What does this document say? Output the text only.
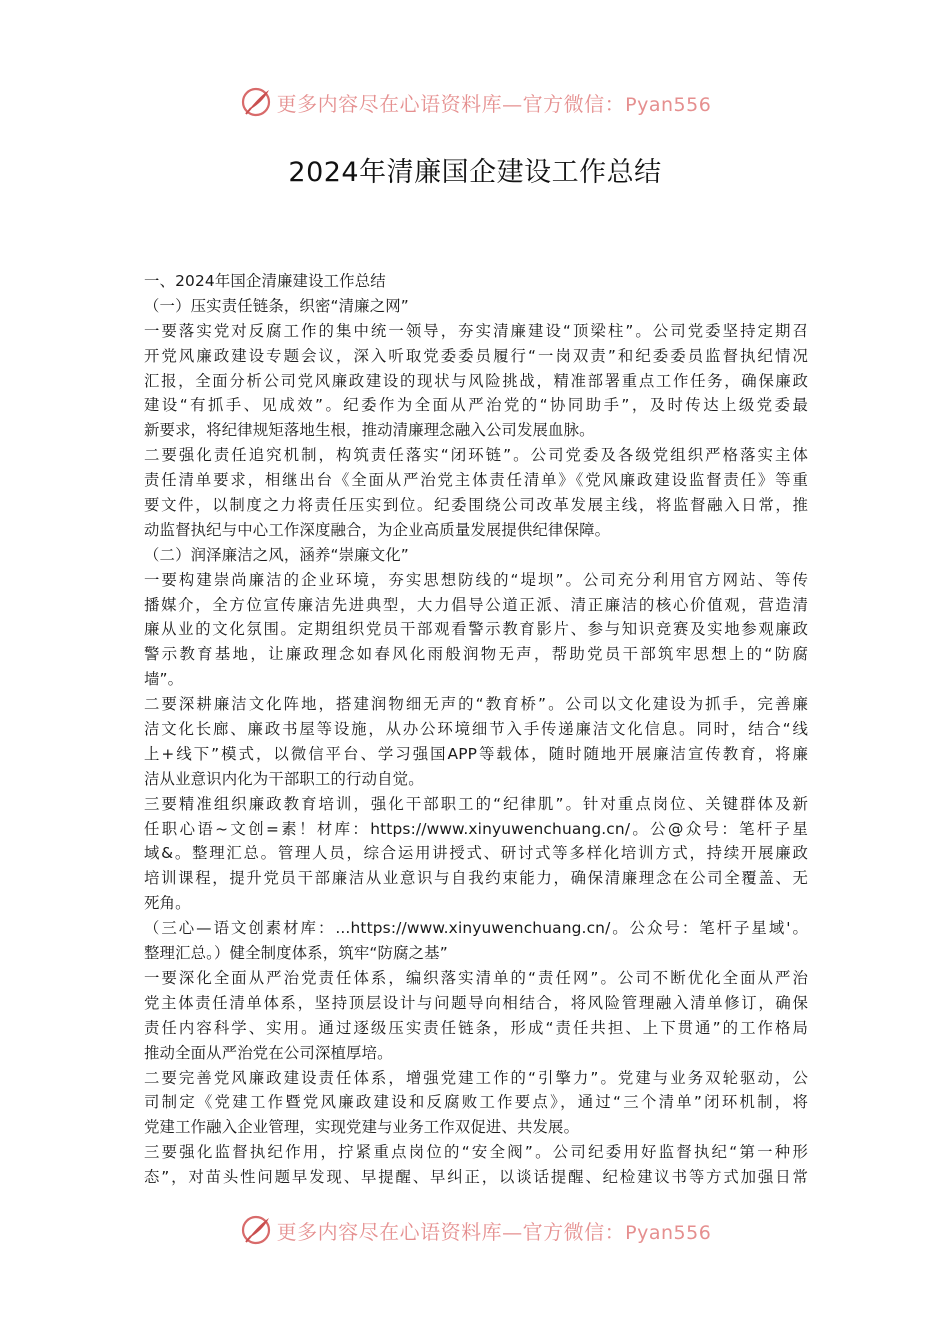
更多内容尽在心语资料库—官方微信：Pyan556
2024年清廉国企建设工作总结
一、2024年国企清廉建设工作总结
（一）压实责任链条，织密“清廉之网”
一要落实党对反腐工作的集中统一领导，夯实清廉建设“顶梁柱”。公司党委坚持定期召
开党风廉政建设专题会议，深入听取党委委员履行“一岗双责”和纪委委员监督执纪情况
汇报，全面分析公司党风廉政建设的现状与风险挑战，精准部署重点工作任务，确保廉政
建设“有抓手、见成效”。纪委作为全面从严治党的“协同助手”，及时传达上级党委最
新要求，将纪律规矩落地生根，推动清廉理念融入公司发展血脉。
二要强化责任追究机制，构筑责任落实“闭环链”。公司党委及各级党组织严格落实主体
责任清单要求，相继出台《全面从严治党主体责任清单》《党风廉政建设监督责任》等重
要文件，以制度之力将责任压实到位。纪委围绕公司改革发展主线，将监督融入日常，推
动监督执纪与中心工作深度融合，为企业高质量发展提供纪律保障。
（二）润泽廉洁之风，涵养“崇廉文化”
一要构建崇尚廉洁的企业环境，夯实思想防线的“堤坝”。公司充分利用官方网站、等传
播媒介，全方位宣传廉洁先进典型，大力倡导公道正派、清正廉洁的核心价值观，营造清
廉从业的文化氛围。定期组织党员干部观看警示教育影片、参与知识竞赛及实地参观廉政
警示教育基地，让廉政理念如春风化雨般润物无声，帮助党员干部筑牢思想上的“防腐
墙”。
二要深耕廉洁文化阵地，搭建润物细无声的“教育桥”。公司以文化建设为抓手，完善廉
洁文化长廊、廉政书屋等设施，从办公环境细节入手传递廉洁文化信息。同时，结合“线
上+线下”模式，以微信平台、学习强国APP等载体，随时随地开展廉洁宣传教育，将廉
洁从业意识内化为干部职工的行动自觉。
三要精准组织廉政教育培训，强化干部职工的“纪律肌”。针对重点岗位、关键群体及新
任职心语~文创=素！材库：https://www.xinyuwenchuang.cn/。公@众号：笔杆子星
域&。整理汇总。管理人员，综合运用讲授式、研讨式等多样化培训方式，持续开展廉政
培训课程，提升党员干部廉洁从业意识与自我约束能力，确保清廉理念在公司全覆盖、无
死角。
（三心—语文创素材库：...https://www.xinyuwenchuang.cn/。公众号：笔杆子星域'。
整理汇总。）健全制度体系，筑牢“防腐之基”
一要深化全面从严治党责任体系，编织落实清单的“责任网”。公司不断优化全面从严治
党主体责任清单体系，坚持顶层设计与问题导向相结合，将风险管理融入清单修订，确保
责任内容科学、实用。通过逐级压实责任链条，形成“责任共担、上下贯通”的工作格局
推动全面从严治党在公司深植厚培。
二要完善党风廉政建设责任体系，增强党建工作的“引擎力”。党建与业务双轮驱动，公
司制定《党建工作暨党风廉政建设和反腐败工作要点》，通过“三个清单”闭环机制，将
党建工作融入企业管理，实现党建与业务工作双促进、共发展。
三要强化监督执纪作用，拧紧重点岗位的“安全阀”。公司纪委用好监督执纪“第一种形
态”，对苗头性问题早发现、早提醒、早纠正，以谈话提醒、纪检建议书等方式加强日常
更多内容尽在心语资料库—官方微信：Pyan556
